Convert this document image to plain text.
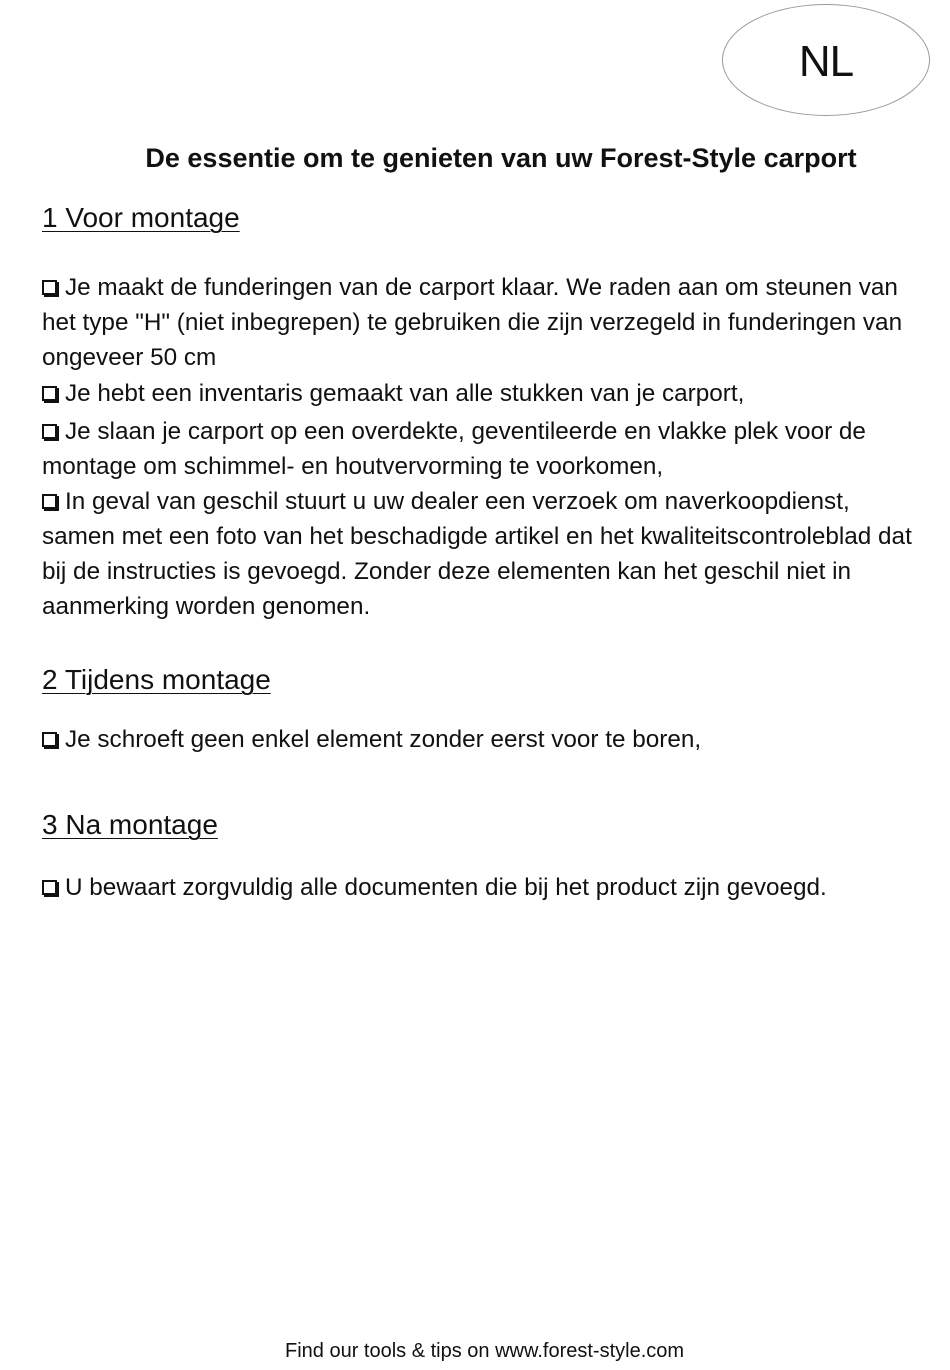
NL
De essentie om te genieten van uw Forest-Style carport
1 Voor montage

Je maakt de funderingen van de carport klaar. We raden aan om steunen van het type "H" (niet inbegrepen) te gebruiken die zijn verzegeld in funderingen van ongeveer 50 cm

Je hebt een inventaris gemaakt van alle stukken van je carport,

Je slaan je carport op een overdekte, geventileerde en vlakke plek voor de montage om schimmel- en houtvervorming te voorkomen,

In geval van geschil stuurt u uw dealer een verzoek om naverkoopdienst, samen met een foto van het beschadigde artikel en het kwaliteitscontroleblad dat bij de instructies is gevoegd. Zonder deze elementen kan het geschil niet in aanmerking worden genomen.

2 Tijdens montage

Je schroeft geen enkel element zonder eerst voor te boren,

3 Na montage

U bewaart zorgvuldig alle documenten die bij het product zijn gevoegd.

Find our tools & tips on www.forest-style.com
